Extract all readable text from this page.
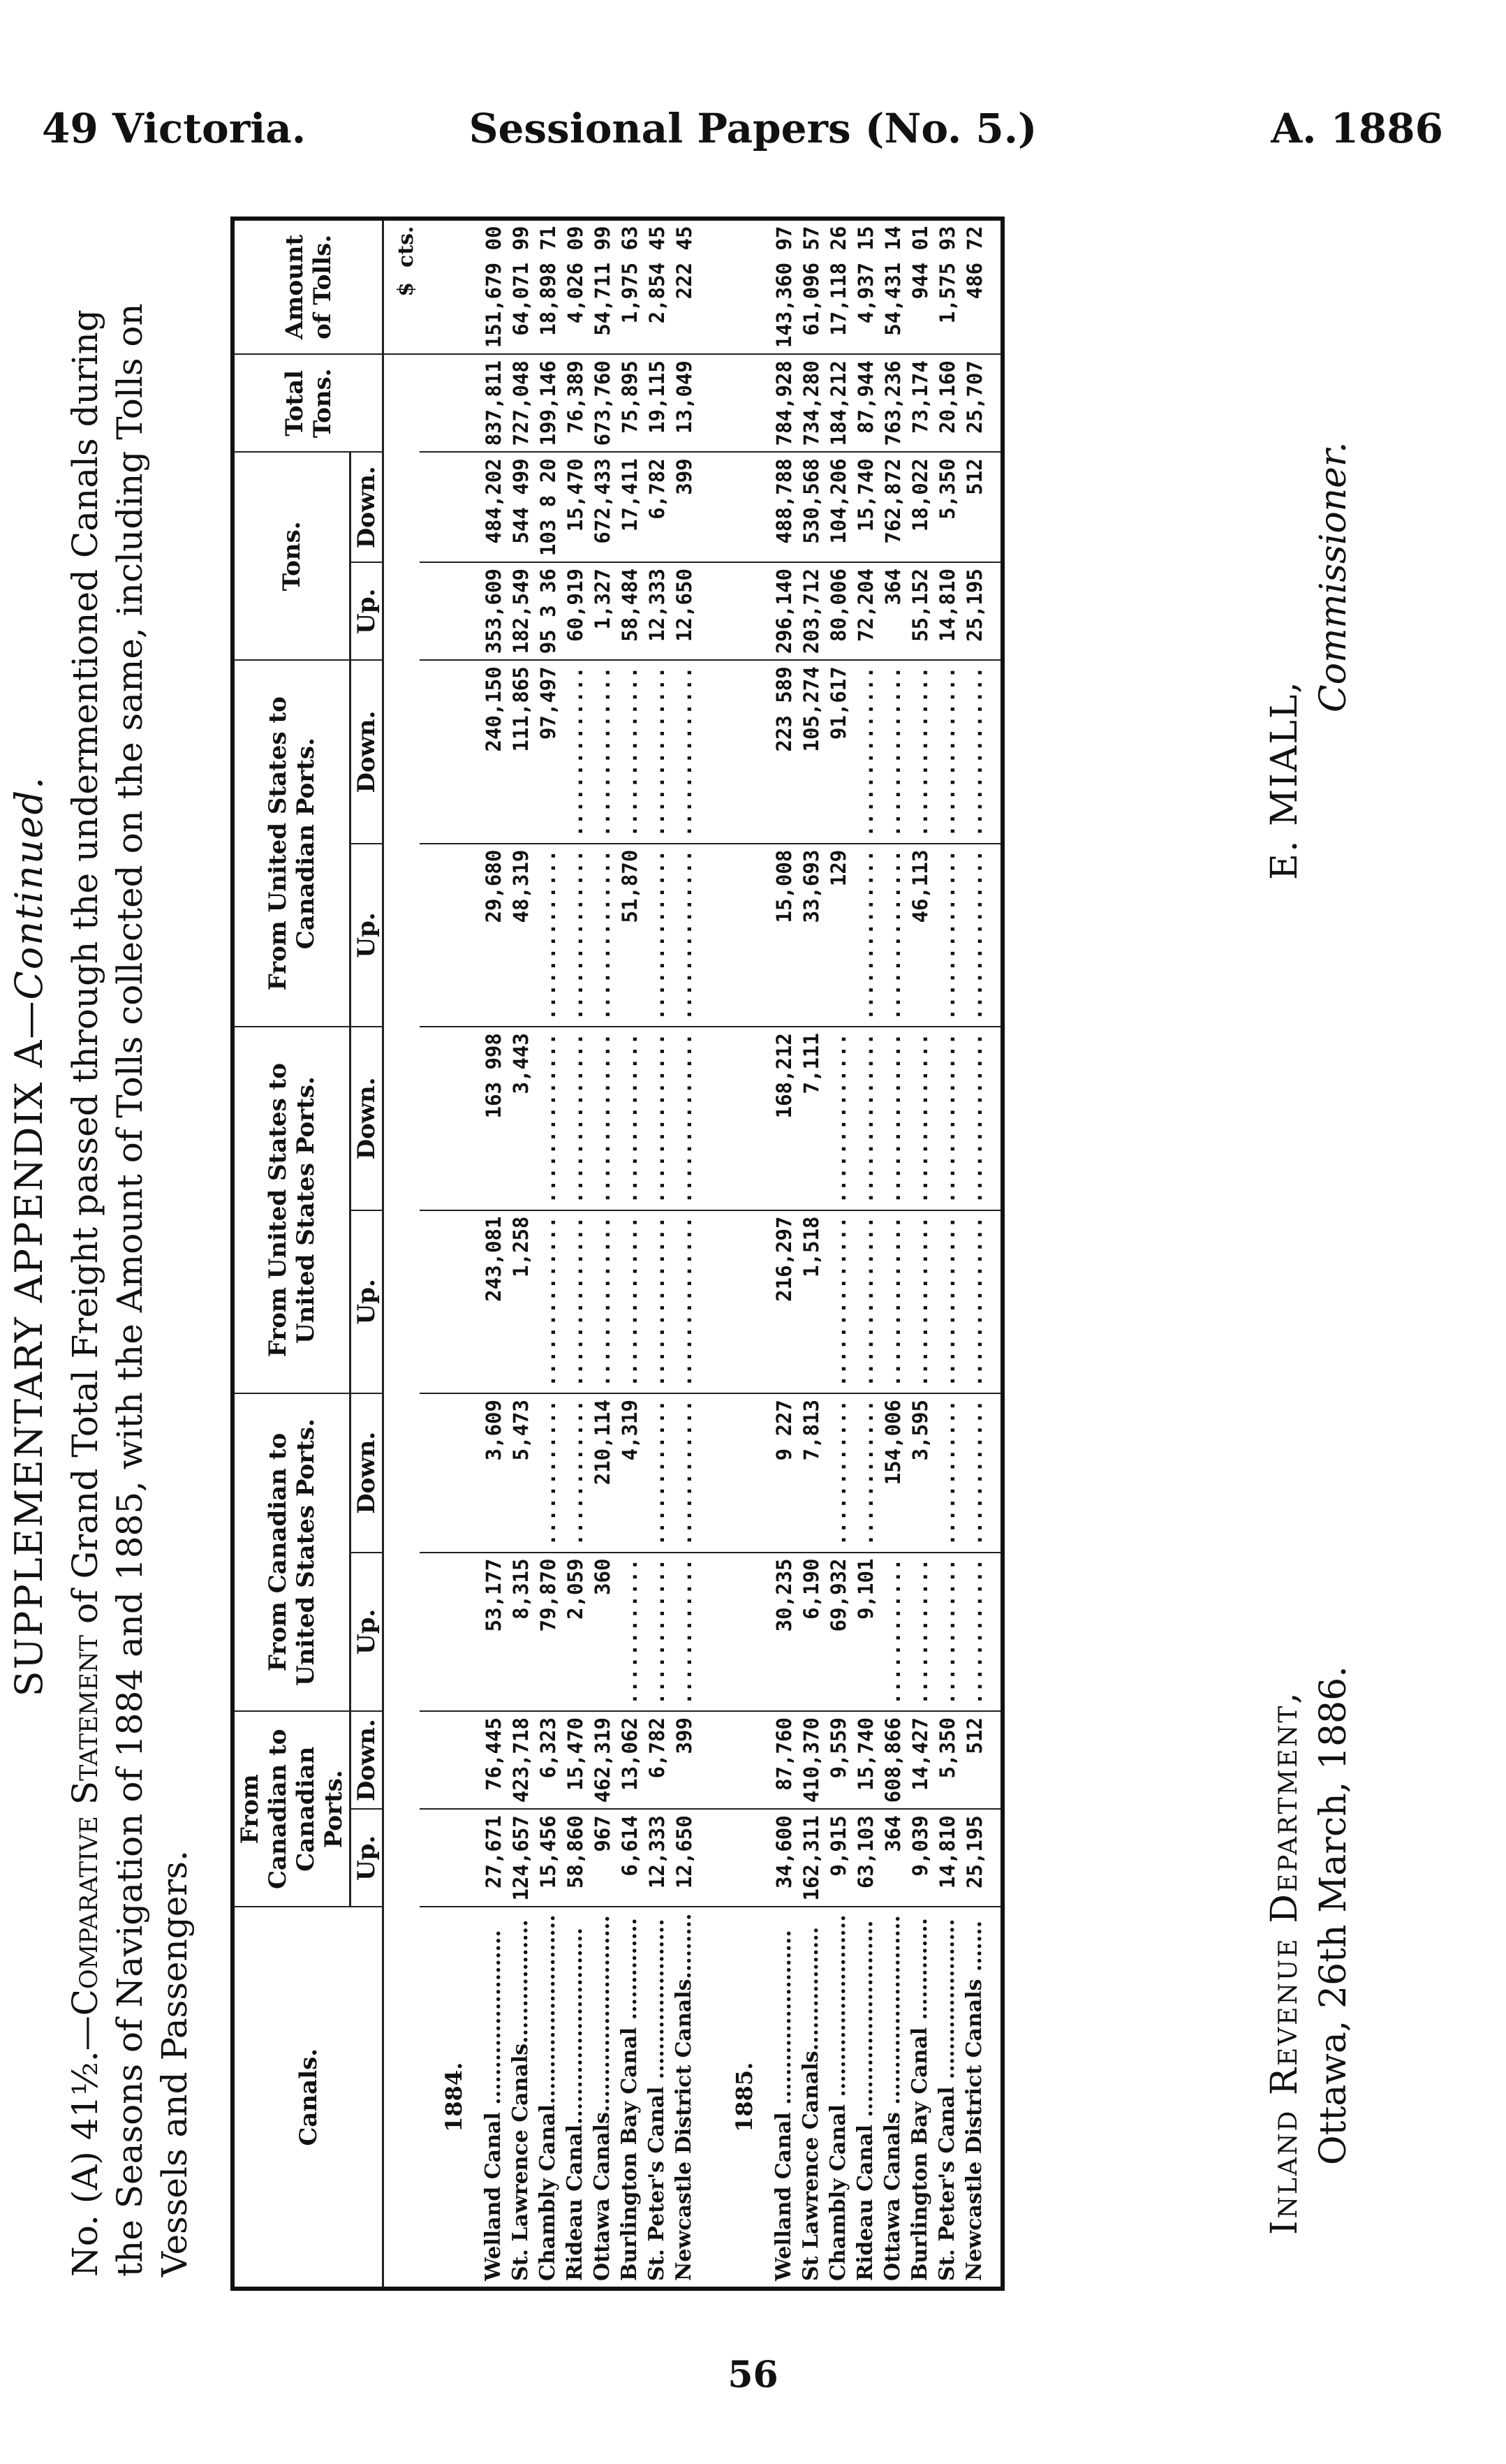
49 Victoria.	Sessional Papers (No. 5.)	A. 1886
SUPPLEMENTARY APPENDIX A—Continued.
No. (A) 41½.—Comparative Statement of Grand Total Freight passed through the undermentioned Canals during the Seasons of Navigation of 1884 and 1885, with the Amount of Tolls collected on the same, including Tolls on Vessels and Passengers.	Canals.	From Canadian to Canadian Ports.		From Canadian to United States Ports.		From United States to United States Ports.		From United States to Canadian Ports.		Tons.		Total Tons.	Amount of Tolls.
	Up.	Down.	Up.	Down.	Up.	Down.	Up.	Down.	Up.	Down.		
												$  cts.
1884.												
Welland Canal ........................	27,671	76,445	53,177	3,609	243,081	163 998	29,680	240,150	353,609	484,202	837,811	151,679 00
St. Lawrence Canals.................	124,657	423,718	8,315	5,473	1,258	3,443	48,319	111,865	182,549	544 499	727,048	64,071 99
Chambly Canal..........................	15,456	6,323	79,870	............	..............	..............	..............	97,497	95 3 36	103 8 20	199,146	18,898 71
Rideau Canal...........................	58,860	15,470	2,059	............	..............	..............	..............	..............	60,919	15,470	76,389	4,026 09
Ottawa Canals...........................	967	462,319	360	210,114	..............	..............	..............	..............	1,327	672,433	673,760	54,711 99
Burlington Bay Canal ..............	6,614	13,062	............	4,319	..............	..............	51,870	..............	58,484	17,411	75,895	1,975 63
St. Peter's Canal ......................	12,333	6,782	............	............	..............	..............	..............	..............	12,333	6,782	19,115	2,854 45
Newcastle District Canals.........	12,650	399	............	............	..............	..............	..............	..............	12,650	399	13,049	222 45
1885.												
Welland Canal ........................	34,600	87,760	30,235	9 227	216,297	168,212	15,008	223 589	296,140	488,788	784,928	143,360 97
St Lawrence Canals.................	162,311	410,370	6,190	7,813	1,518	7,111	33,693	105,274	203,712	530,568	734,280	61,096 57
Chambly Canal .........................	9,915	9,559	69,932	............	..............	..............	129	91,617	80,006	104,206	184,212	17,118 26
Rideau Canal ...........................	63,103	15,740	9,101	............	..............	..............	..............	..............	72,204	15,740	87,944	4,937 15
Ottawa Canals ..........................	364	608,866	............	154,006	..............	..............	..............	..............	364	762,872	763,236	54,431 14
Burlington Bay Canal ..............	9,039	14,427	............	3,595	..............	..............	46,113	..............	55,152	18,022	73,174	944 01
St. Peter's Canal ......................	14,810	5,350	............	............	..............	..............	..............	..............	14,810	5,350	20,160	1,575 93
Newcastle District Canals .......	25,195	512	............	............	..............	..............	..............	..............	25,195	512	25,707	486 72
Inland Revenue Department, Ottawa, 26th March, 1886.
E. MIALL,
Commissioner.
56
